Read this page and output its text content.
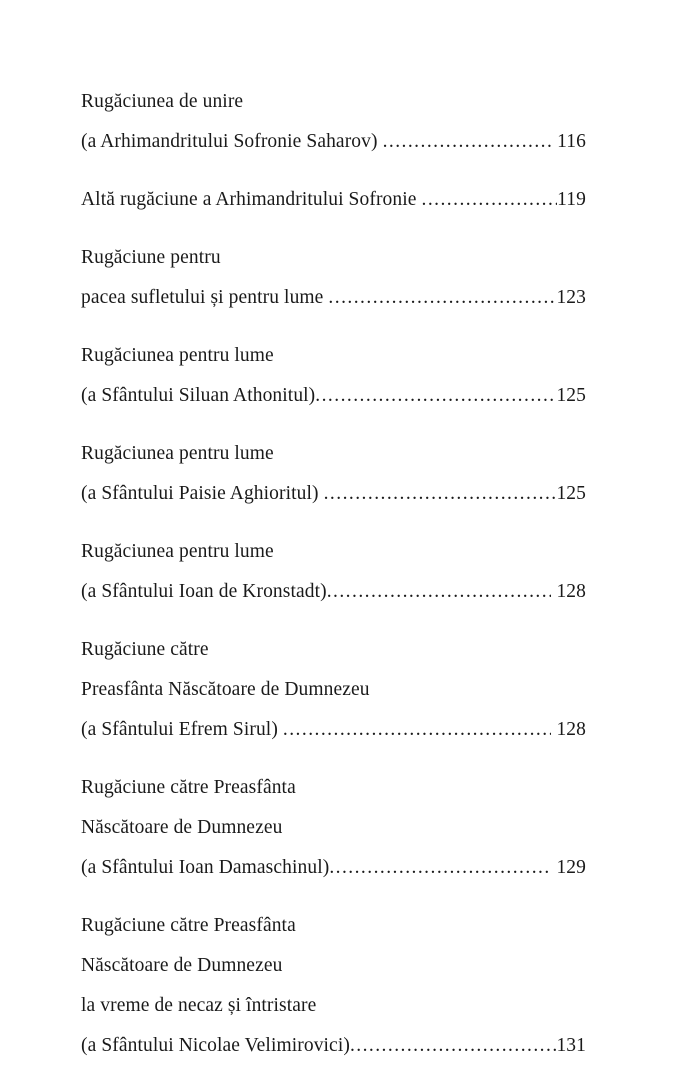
Rugăciunea de unire
(a Arhimandritului Sofronie Saharov) .....	116
Altă rugăciune a Arhimandritului Sofronie .....	119
Rugăciune pentru
pacea sufletului și pentru lume .....	123
Rugăciunea pentru lume
(a Sfântului Siluan Athonitul) .....	125
Rugăciunea pentru lume
(a Sfântului Paisie Aghioritul) .....	125
Rugăciunea pentru lume
(a Sfântului Ioan de Kronstadt) .....	128
Rugăciune către
Preasfânta Născătoare de Dumnezeu
(a Sfântului Efrem Sirul) .....	128
Rugăciune către Preasfânta
Născătoare de Dumnezeu
(a Sfântului Ioan Damaschinul) .....	129
Rugăciune către Preasfânta
Născătoare de Dumnezeu
la vreme de necaz și întristare
(a Sfântului Nicolae Velimirovici) .....	131
